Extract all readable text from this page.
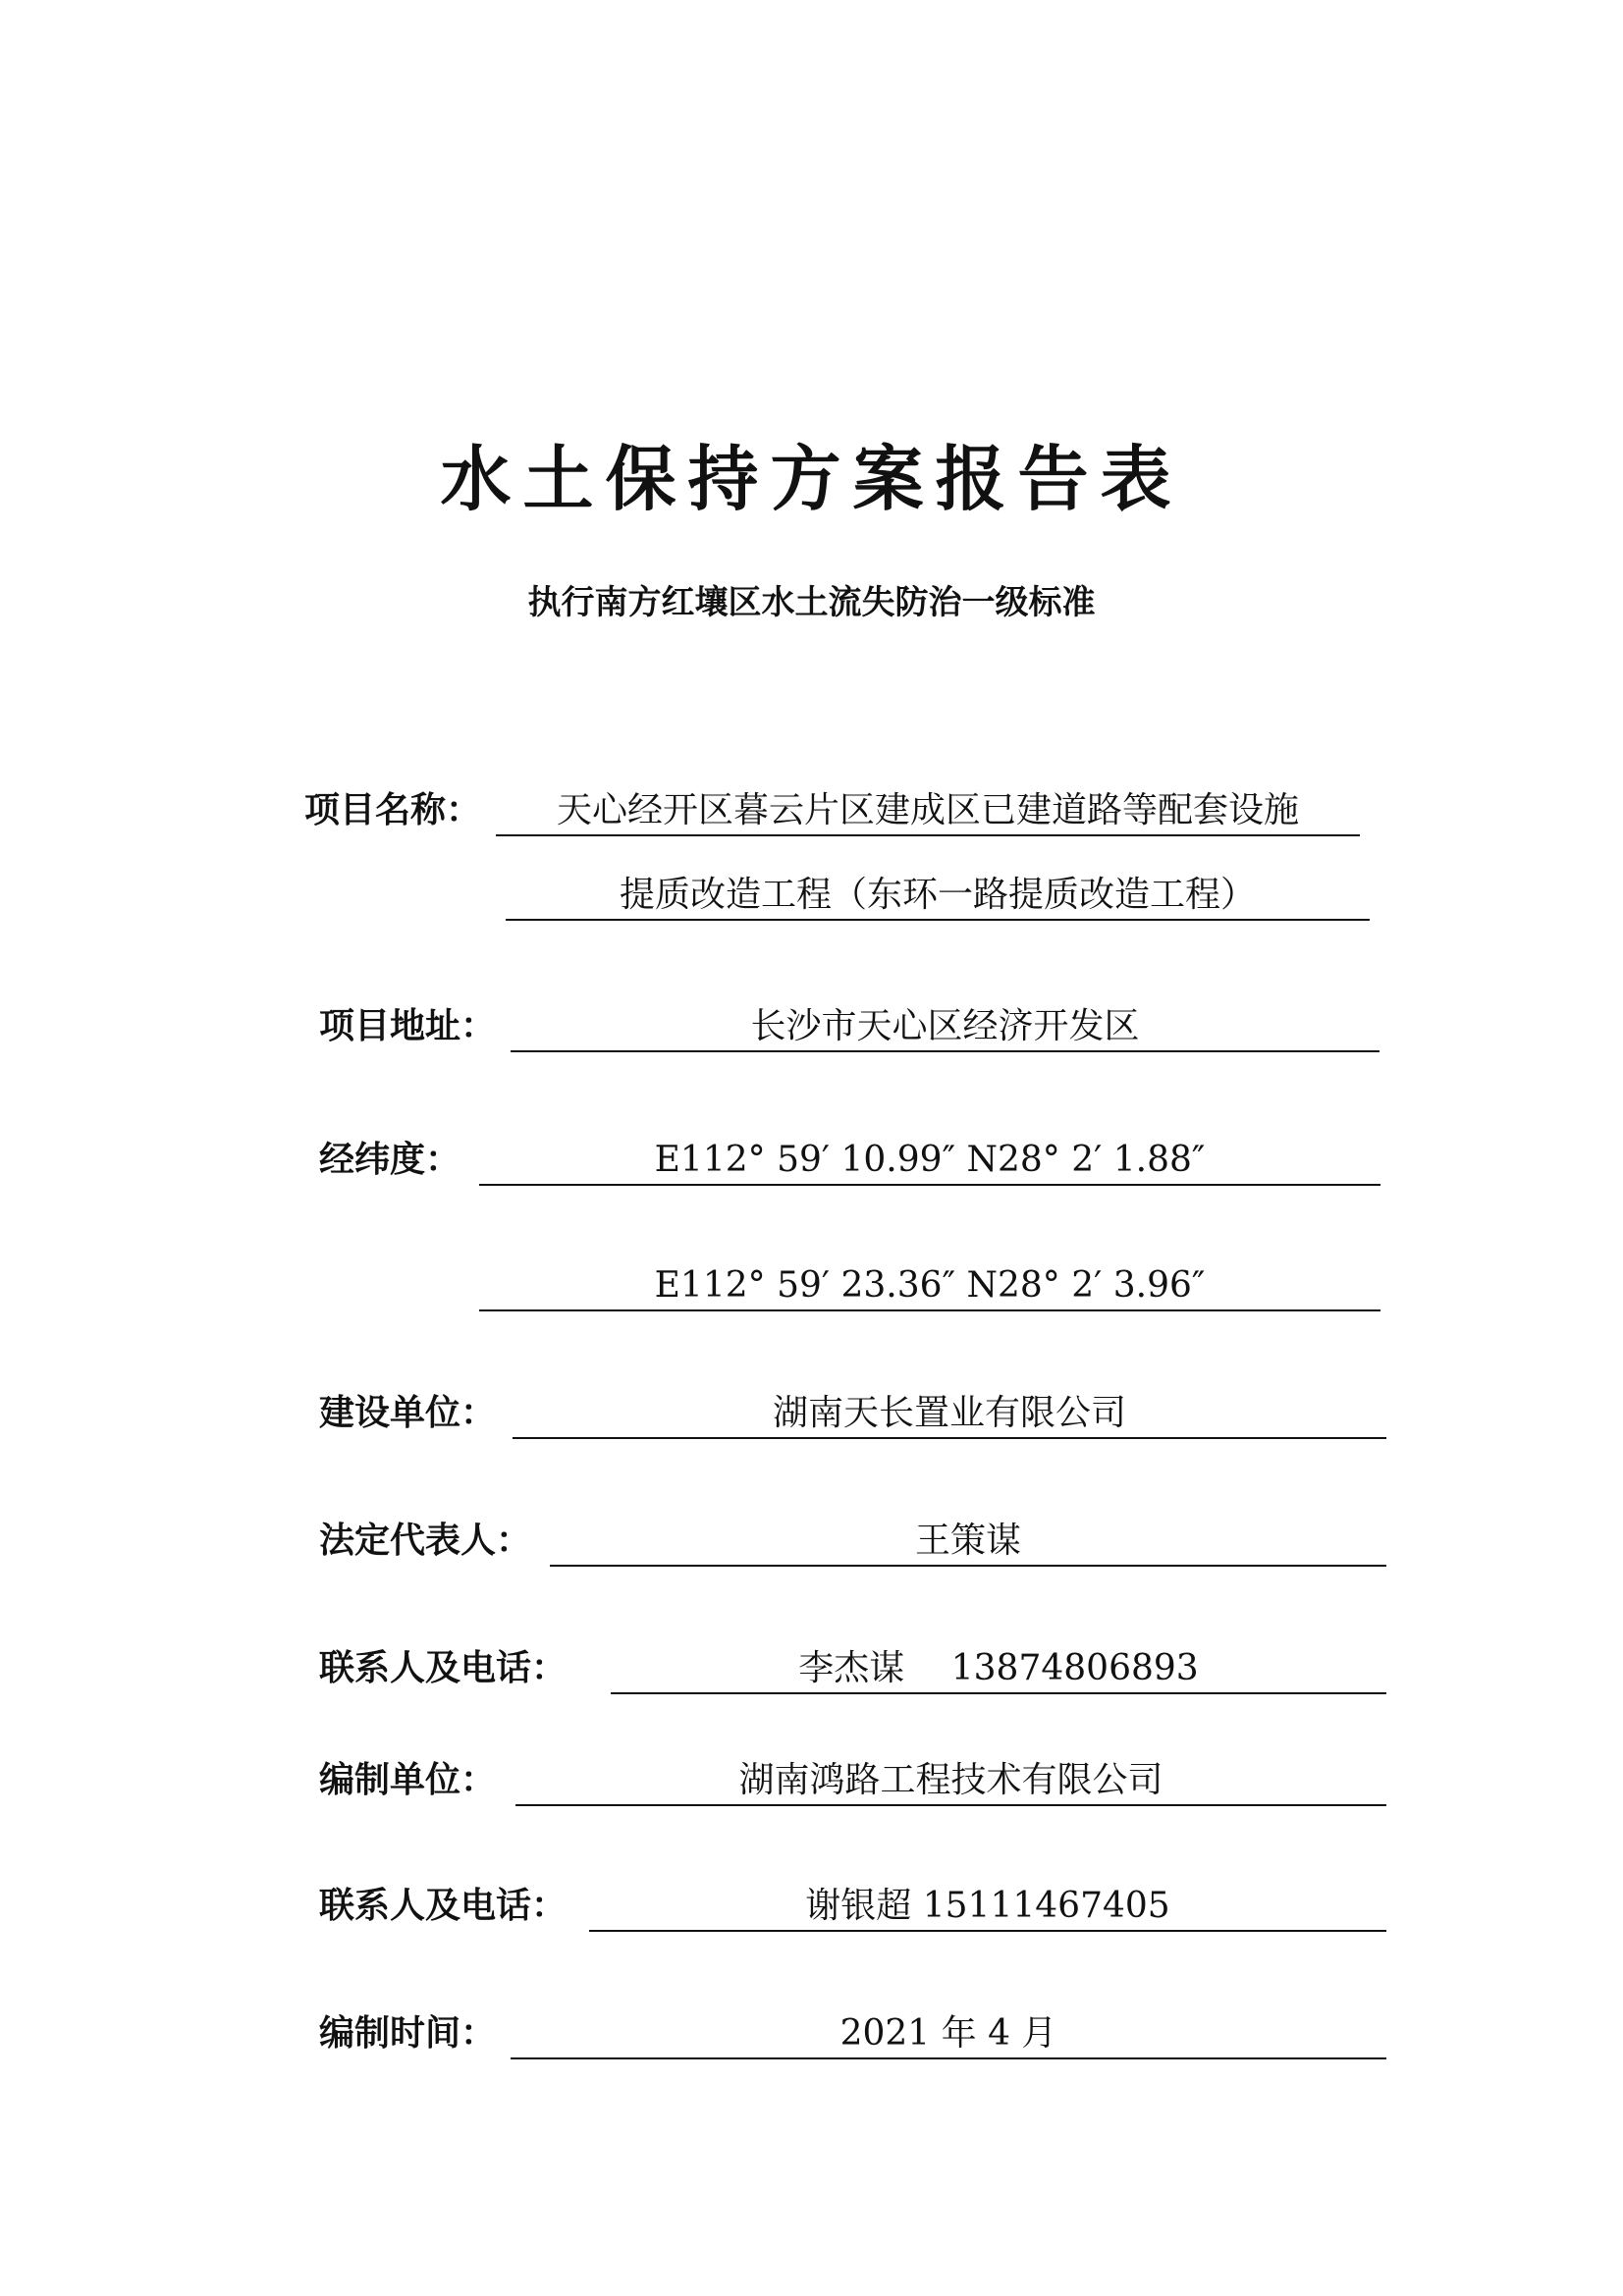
水土保持方案报告表
执行南方红壤区水土流失防治一级标准
项目名称：	天心经开区暮云片区建成区已建道路等配套设施
提质改造工程（东环一路提质改造工程）
项目地址：	长沙市天心区经济开发区
经纬度：	E112° 59′ 10.99″ N28° 2′ 1.88″
E112° 59′ 23.36″ N28° 2′ 3.96″
建设单位：	湖南天长置业有限公司
法定代表人：	王策谋
联系人及电话：	李杰谋　 13874806893
编制单位：	湖南鸿路工程技术有限公司
联系人及电话：	谢银超 15111467405
编制时间：	2021 年 4 月
